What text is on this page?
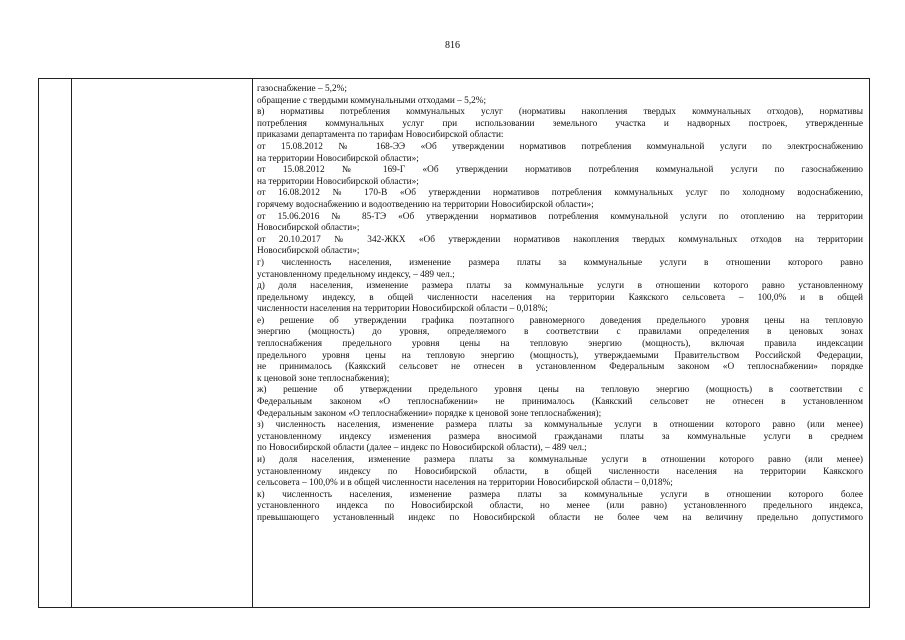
816
газоснабжение – 5,2%;
обращение с твердыми коммунальными отходами – 5,2%;
в) нормативы потребления коммунальных услуг (нормативы накопления твердых коммунальных отходов), нормативы
потребления коммунальных услуг при использовании земельного участка и надворных построек, утвержденные
приказами департамента по тарифам Новосибирской области:
от 15.08.2012 № 168-ЭЭ «Об утверждении нормативов потребления коммунальной услуги по электроснабжению
на территории Новосибирской области»;
от 15.08.2012 № 169-Г «Об утверждении нормативов потребления коммунальной услуги по газоснабжению
на территории Новосибирской области»;
от 16.08.2012 № 170-В «Об утверждении нормативов потребления коммунальных услуг по холодному водоснабжению,
горячему водоснабжению и водоотведению на территории Новосибирской области»;
от 15.06.2016 № 85-ТЭ «Об утверждении нормативов потребления коммунальной услуги по отоплению на территории
Новосибирской области»;
от 20.10.2017 № 342-ЖКХ «Об утверждении нормативов накопления твердых коммунальных отходов на территории
Новосибирской области»;
г) численность населения, изменение размера платы за коммунальные услуги в отношении которого равно
установленному предельному индексу, – 489 чел.;
д) доля населения, изменение размера платы за коммунальные услуги в отношении которого равно установленному
предельному индексу, в общей численности населения на территории Каякского сельсовета – 100,0% и в общей
численности населения на территории Новосибирской области – 0,018%;
е) решение об утверждении графика поэтапного равномерного доведения предельного уровня цены на тепловую
энергию (мощность) до уровня, определяемого в соответствии с правилами определения в ценовых зонах
теплоснабжения предельного уровня цены на тепловую энергию (мощность), включая правила индексации
предельного уровня цены на тепловую энергию (мощность), утверждаемыми Правительством Российской Федерации,
не принималось (Каякский сельсовет не отнесен в установленном Федеральным законом «О теплоснабжении» порядке
к ценовой зоне теплоснабжения);
ж) решение об утверждении предельного уровня цены на тепловую энергию (мощность) в соответствии с
Федеральным законом «О теплоснабжении» не принималось (Каякский сельсовет не отнесен в установленном
Федеральным законом «О теплоснабжении» порядке к ценовой зоне теплоснабжения);
з) численность населения, изменение размера платы за коммунальные услуги в отношении которого равно (или менее)
установленному индексу изменения размера вносимой гражданами платы за коммунальные услуги в среднем
по Новосибирской области (далее – индекс по Новосибирской области), – 489 чел.;
и) доля населения, изменение размера платы за коммунальные услуги в отношении которого равно (или менее)
установленному индексу по Новосибирской области, в общей численности населения на территории Каякского
сельсовета – 100,0% и в общей численности населения на территории Новосибирской области – 0,018%;
к) численность населения, изменение размера платы за коммунальные услуги в отношении которого более
установленного индекса по Новосибирской области, но менее (или равно) установленного предельного индекса,
превышающего установленный индекс по Новосибирской области не более чем на величину предельно допустимого
